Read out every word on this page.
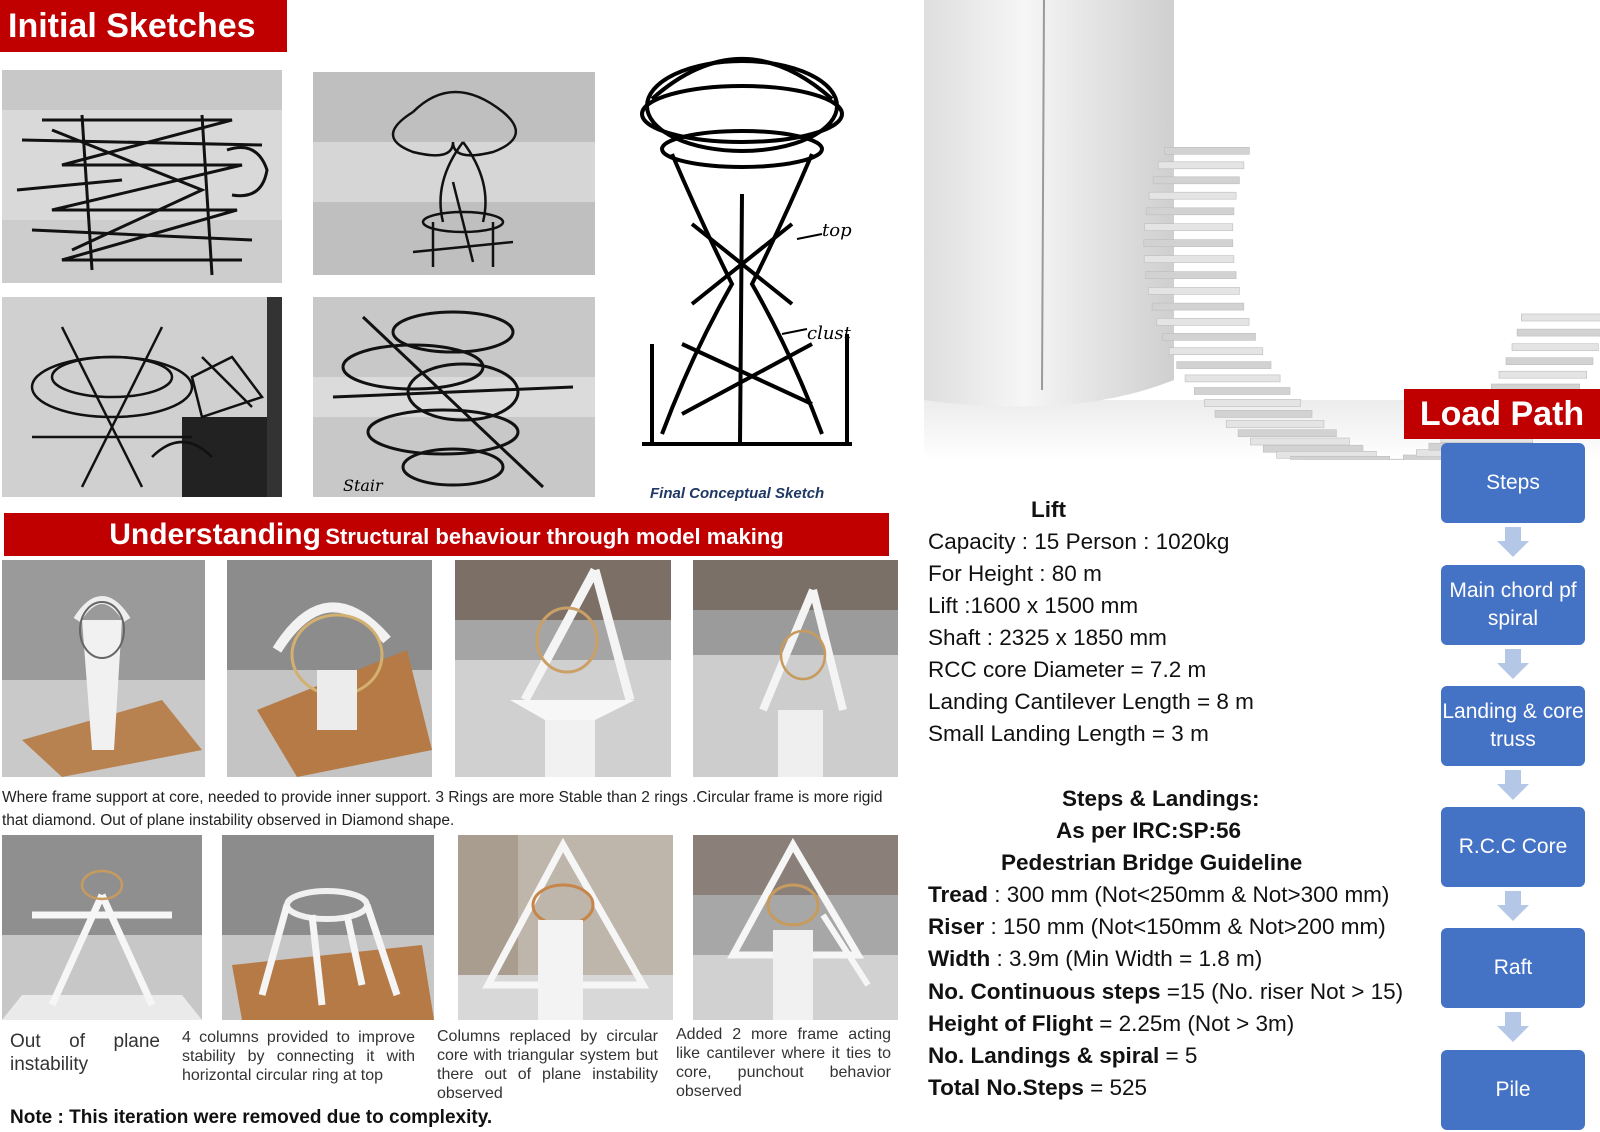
Initial Sketches
top
clust
Stair	Final Conceptual Sketch
Understanding Structural behaviour through model making
Where frame support at core, needed to provide inner support. 3 Rings are more Stable than 2 rings .Circular frame is more rigid that diamond. Out of plane instability observed in Diamond shape.
Out of plane instability
4 columns provided to improve stability by connecting it with horizontal circular ring at top
Columns replaced by circular core with triangular system but there out of plane instability observed
Added 2 more frame acting like cantilever where it ties to core, punchout behavior observed
Note : This iteration were removed due to complexity.
Lift
Capacity : 15 Person : 1020kg
For Height : 80 m
Lift :1600 x 1500 mm
Shaft : 2325 x 1850 mm
RCC core Diameter = 7.2 m
Landing Cantilever Length = 8 m
Small Landing Length = 3 m
Steps & Landings:
As per IRC:SP:56
Pedestrian Bridge Guideline
Tread : 300 mm (Not<250mm & Not>300 mm)
Riser : 150 mm (Not<150mm & Not>200 mm)
Width : 3.9m (Min Width = 1.8 m)
No. Continuous steps =15 (No. riser Not > 15)
Height of Flight = 2.25m (Not > 3m)
No. Landings & spiral = 5
Total No.Steps = 525
Load Path
Steps
Main chord pf spiral
Landing & core truss
R.C.C Core
Raft
Pile
